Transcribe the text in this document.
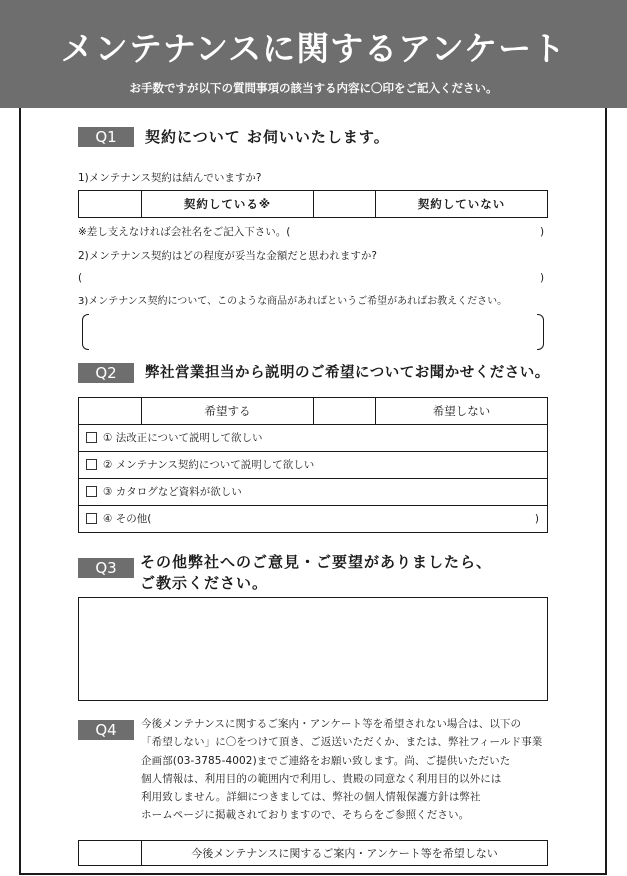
メンテナンスに関するアンケート
お手数ですが以下の質問事項の該当する内容に〇印をご記入ください。
Q1	契約について お伺いいたします。
1)メンテナンス契約は結んでいますか?
契約している※	契約していない
※差し支えなければ会社名をご記入下さい。(	)
2)メンテナンス契約はどの程度が妥当な金額だと思われますか?
(	)
3)メンテナンス契約について、このような商品があればというご希望があればお教えください。
Q2	弊社営業担当から説明のご希望についてお聞かせください。
希望する	希望しない
① 法改正について説明して欲しい
② メンテナンス契約について説明して欲しい
③ カタログなど資料が欲しい
④ その他(	)
Q3	その他弊社へのご意見・ご要望がありましたら、
ご教示ください。
Q4	今後メンテナンスに関するご案内・アンケート等を希望されない場合は、以下の
「希望しない」に〇をつけて頂き、ご返送いただくか、または、弊社フィールド事業
企画部(03-3785-4002)までご連絡をお願い致します。尚、ご提供いただいた
個人情報は、利用目的の範囲内で利用し、貴殿の同意なく利用目的以外には
利用致しません。詳細につきましては、弊社の個人情報保護方針は弊社
ホームページに掲載されておりますので、そちらをご参照ください。
今後メンテナンスに関するご案内・アンケート等を希望しない
